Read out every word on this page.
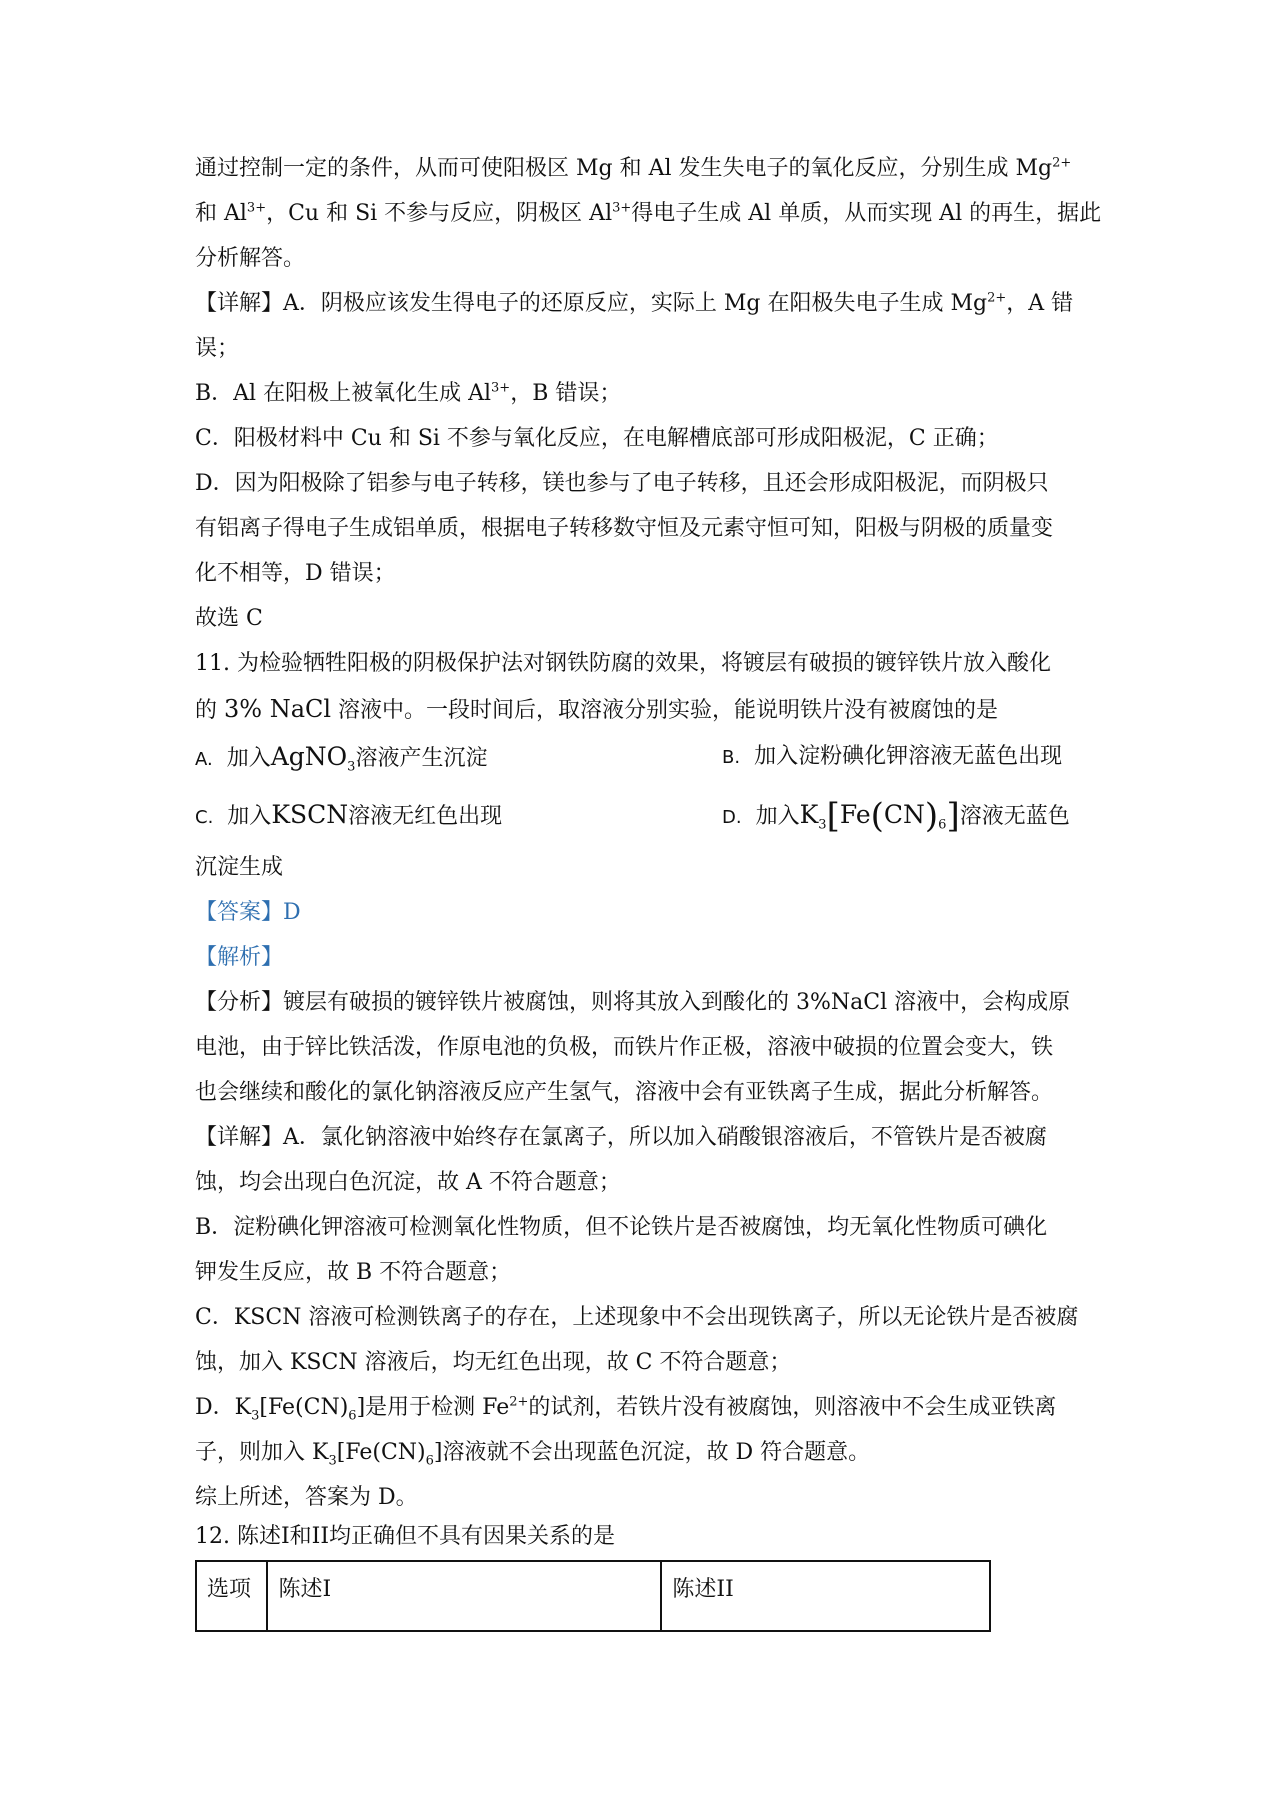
通过控制一定的条件，从而可使阳极区 Mg 和 Al 发生失电子的氧化反应，分别生成 $Mg^{2+}$
和 $Al^{3+}$，Cu 和 Si 不参与反应，阴极区 $Al^{3+}$得电子生成 Al 单质，从而实现 Al 的再生，据此
分析解答。
【详解】A．阴极应该发生得电子的还原反应，实际上 Mg 在阳极失电子生成 $Mg^{2+}$，A 错
误；
B．Al 在阳极上被氧化生成 $Al^{3+}$，B 错误；
C．阳极材料中 Cu 和 Si 不参与氧化反应，在电解槽底部可形成阳极泥，C 正确；
D．因为阳极除了铝参与电子转移，镁也参与了电子转移，且还会形成阳极泥，而阴极只
有铝离子得电子生成铝单质，根据电子转移数守恒及元素守恒可知，阳极与阴极的质量变
化不相等，D 错误；
故选 C
11. 为检验牺牲阳极的阴极保护法对钢铁防腐的效果，将镀层有破损的镀锌铁片放入酸化
的 3% NaCl 溶液中。一段时间后，取溶液分别实验，能说明铁片没有被腐蚀的是
A. 加入AgNO$_3$溶液产生沉淀	B. 加入淀粉碘化钾溶液无蓝色出现
C. 加入KSCN溶液无红色出现	D. 加入$K_3[Fe(CN)_6]$溶液无蓝色
沉淀生成
【答案】D
【解析】
【分析】镀层有破损的镀锌铁片被腐蚀，则将其放入到酸化的 3%NaCl 溶液中，会构成原
电池，由于锌比铁活泼，作原电池的负极，而铁片作正极，溶液中破损的位置会变大，铁
也会继续和酸化的氯化钠溶液反应产生氢气，溶液中会有亚铁离子生成，据此分析解答。
【详解】A．氯化钠溶液中始终存在氯离子，所以加入硝酸银溶液后，不管铁片是否被腐
蚀，均会出现白色沉淀，故 A 不符合题意；
B．淀粉碘化钾溶液可检测氧化性物质，但不论铁片是否被腐蚀，均无氧化性物质可碘化
钾发生反应，故 B 不符合题意；
C．KSCN 溶液可检测铁离子的存在，上述现象中不会出现铁离子，所以无论铁片是否被腐
蚀，加入 KSCN 溶液后，均无红色出现，故 C 不符合题意；
D．$K_3[Fe(CN)_6]$是用于检测 $Fe^{2+}$的试剂，若铁片没有被腐蚀，则溶液中不会生成亚铁离
子，则加入 $K_3[Fe(CN)_6]$溶液就不会出现蓝色沉淀，故 D 符合题意。
综上所述，答案为 D。
12. 陈述I和II均正确但不具有因果关系的是
选项	陈述I	陈述II
